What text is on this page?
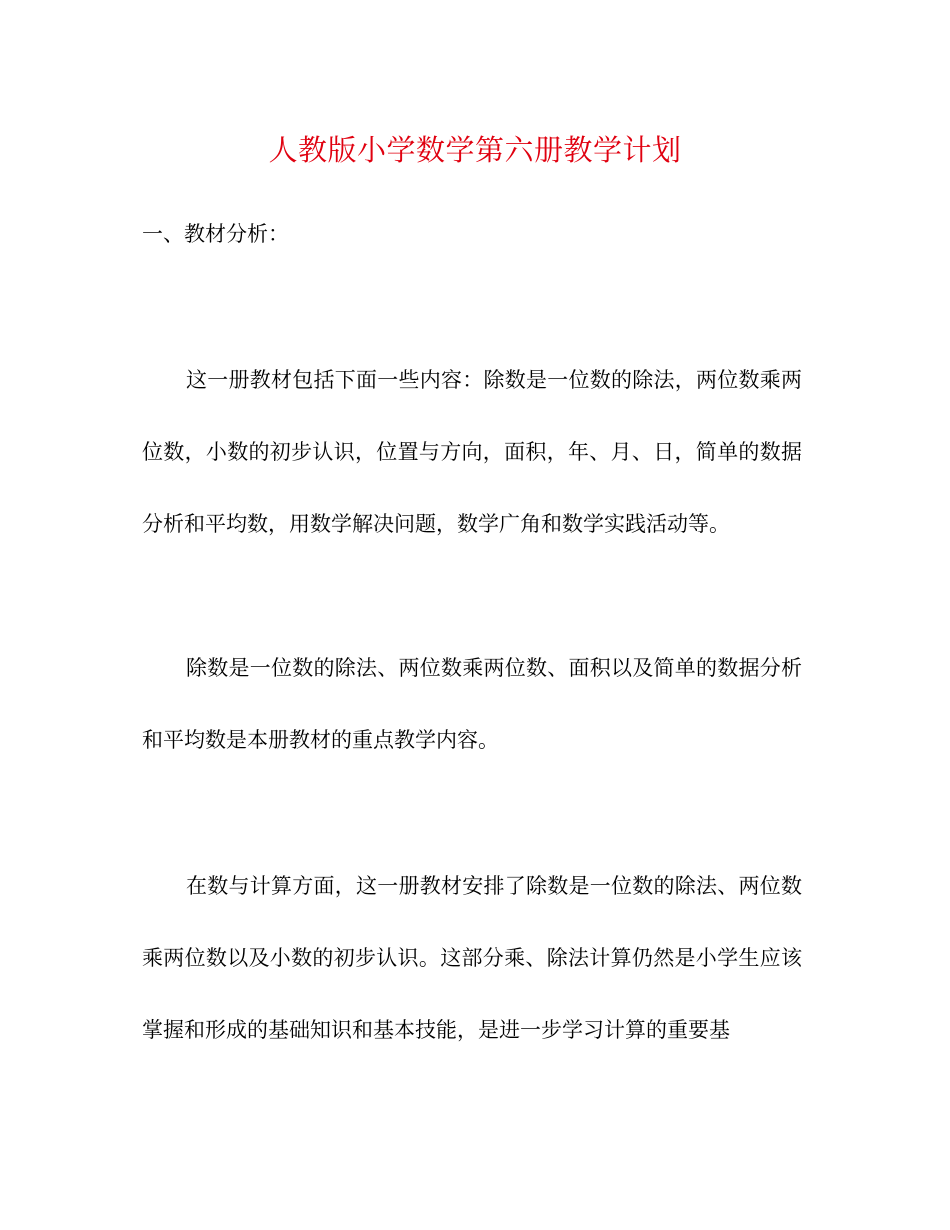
人教版小学数学第六册教学计划
一、教材分析：

这一册教材包括下面一些内容：除数是一位数的除法，两位数乘两位数，小数的初步认识，位置与方向，面积，年、月、日，简单的数据分析和平均数，用数学解决问题，数学广角和数学实践活动等。

除数是一位数的除法、两位数乘两位数、面积以及简单的数据分析和平均数是本册教材的重点教学内容。

在数与计算方面，这一册教材安排了除数是一位数的除法、两位数乘两位数以及小数的初步认识。这部分乘、除法计算仍然是小学生应该掌握和形成的基础知识和基本技能，是进一步学习计算的重要基
